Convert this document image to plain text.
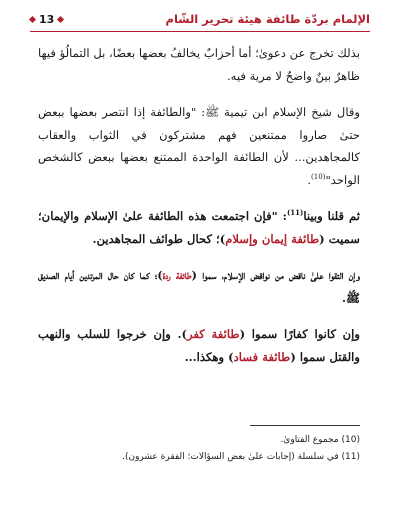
الإلمام بردّة طائفة هيئة تحرير الشّام
13

بذلك تخرج عن دعوىٰ؛ أما أحزابٌ يخالفُ بعضها بعضًا، بل التمالُؤ فيها ظاهرٌ بينٌ واضحٌ لا مرية فيه.

وقال شيخ الإسلام ابن تيمية ﷺ: "والطائفة إذا انتصر بعضها ببعض حتىٰ صاروا ممتنعين فهم مشتركون في الثواب والعقاب كالمجاهدين... لأن الطائفة الواحدة الممتنع بعضها ببعض كالشخص الواحد"$^{(10)}$.

ثم قلنا وبينا$^{(11)}$: "فإن اجتمعت هذه الطائفة علىٰ الإسلام والإيمان؛ سميت (طائفة إيمان وإسلام)؛ كحال طوائف المجاهدين.

وإن التقوا علىٰ ناقض من نواقض الإسلام، سموا (طائفة ردة)؛ كما كان حال المرتدين أيام الصديق ﷺ.

وإن كانوا كفارًا سموا (طائفة كفر). وإن خرجوا للسلب والنهب والقتل سموا (طائفة فساد) وهكذا...

(10) مجموع الفتاوىٰ.

(11) في سلسلة (إجابات علىٰ بعض السؤالات؛ الفقرة عشرون).
